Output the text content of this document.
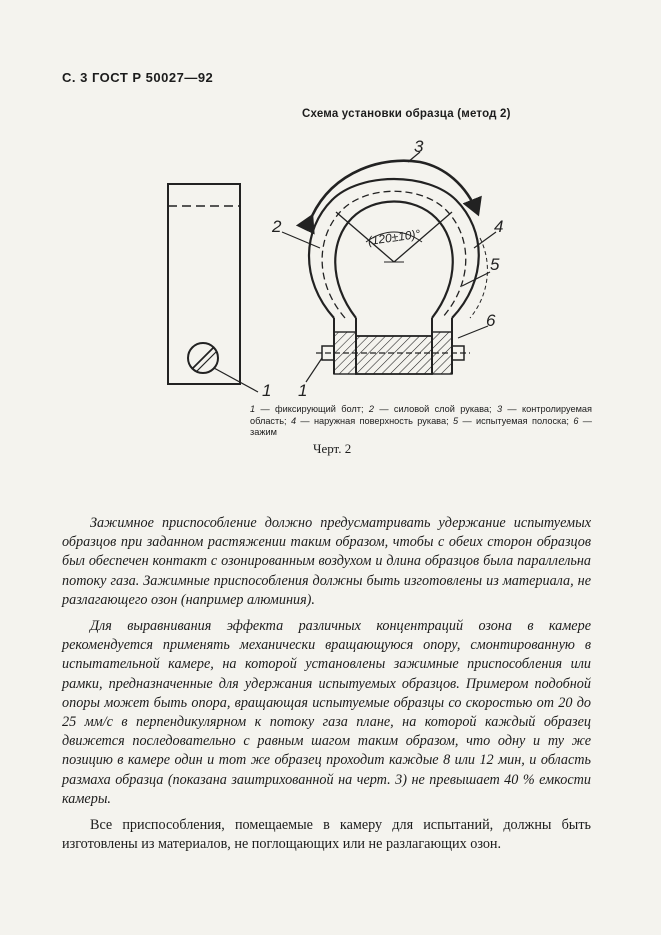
С. 3 ГОСТ Р 50027—92
Схема установки образца (метод 2)
3
2	4
5
6
1 1
(120±10)°
1 — фиксирующий болт; 2 — силовой слой рукава; 3 — контролируемая область; 4 — наружная поверхность рукава; 5 — испытуемая полоска; 6 — зажим
Черт. 2

Зажимное приспособление должно предусматривать удержание испытуемых образцов при заданном растяжении таким образом, чтобы с обеих сторон образцов был обеспечен контакт с озонированным воздухом и длина образцов была параллельна потоку газа. Зажимные приспособления должны быть изготовлены из материала, не разлагающего озон (например алюминия).

Для выравнивания эффекта различных концентраций озона в камере рекомендуется применять механически вращающуюся опору, смонтированную в испытательной камере, на которой установлены зажимные приспособления или рамки, предназначенные для удержания испытуемых образцов. Примером подобной опоры может быть опора, вращающая испытуемые образцы со скоростью от 20 до 25 мм/с в перпендикулярном к потоку газа плане, на которой каждый образец движется последовательно с равным шагом таким образом, что одну и ту же позицию в камере один и тот же образец проходит каждые 8 или 12 мин, и область размаха образца (показана заштрихованной на черт. 3) не превышает 40 % емкости камеры.

Все приспособления, помещаемые в камеру для испытаний, должны быть изготовлены из материалов, не поглощающих или не разлагающих озон.
